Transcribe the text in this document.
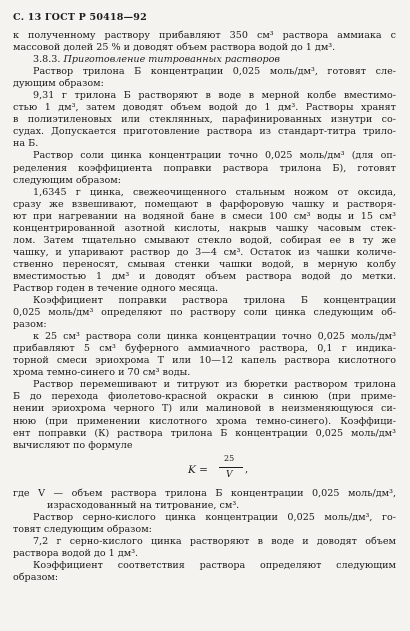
С. 13 ГОСТ Р 50418—92
к полученному раствору прибавляют 350 см³ раствора аммиака с
массовой долей 25 % и доводят объем раствора водой до 1 дм³.
3.8.3. Приготовление титрованных растворов
Раствор трилона Б концентрации 0,025 моль/дм³, готовят сле-
дующим образом:
9,31 г трилона Б растворяют в воде в мерной колбе вместимо-
стью 1 дм³, затем доводят объем водой до 1 дм³. Растворы хранят
в полиэтиленовых или стеклянных, парафинированных изнутри со-
судах. Допускается приготовление раствора из стандарт-титра трило-
на Б.
Раствор соли цинка концентрации точно 0,025 моль/дм³ (для оп-
ределения коэффициента поправки раствора трилона Б), готовят
следующим образом:
1,6345 г цинка, свежеочищенного стальным ножом от оксида,
сразу же взвешивают, помещают в фарфоровую чашку и растворя-
ют при нагревании на водяной бане в смеси 100 см³ воды и 15 см³
концентрированной азотной кислоты, накрыв чашку часовым стек-
лом. Затем тщательно смывают стекло водой, собирая ее в ту же
чашку, и упаривают раствор до 3—4 см³. Остаток из чашки количе-
ственно переносят, смывая стенки чашки водой, в мерную колбу
вместимостью 1 дм³ и доводят объем раствора водой до метки.
Раствор годен в течение одного месяца.
Коэффициент поправки раствора трилона Б концентрации
0,025 моль/дм³ определяют по раствору соли цинка следующим об-
разом:
к 25 см³ раствора соли цинка концентрации точно 0,025 моль/дм³
прибавляют 5 см³ буферного аммиачного раствора, 0,1 г индика-
торной смеси эриохрома Т или 10—12 капель раствора кислотного
хрома темно-синего и 70 см³ воды.
Раствор перемешивают и титруют из бюретки раствором трилона
Б до перехода фиолетово-красной окраски в синюю (при приме-
нении эриохрома черного Т) или малиновой в неизменяющуюся си-
нюю (при применении кислотного хрома темно-синего). Коэффици-
ент поправки (К) раствора трилона Б концентрации 0,025 моль/дм³
вычисляют по формуле
K =
25
V ,
где V — объем раствора трилона Б концентрации 0,025 моль/дм³,
израсходованный на титрование, см³.
Раствор серно-кислого цинка концентрации 0,025 моль/дм³, го-
товят следующим образом:
7,2 г серно-кислого цинка растворяют в воде и доводят объем
раствора водой до 1 дм³.
Коэффициент соответствия раствора определяют следующим
образом:
